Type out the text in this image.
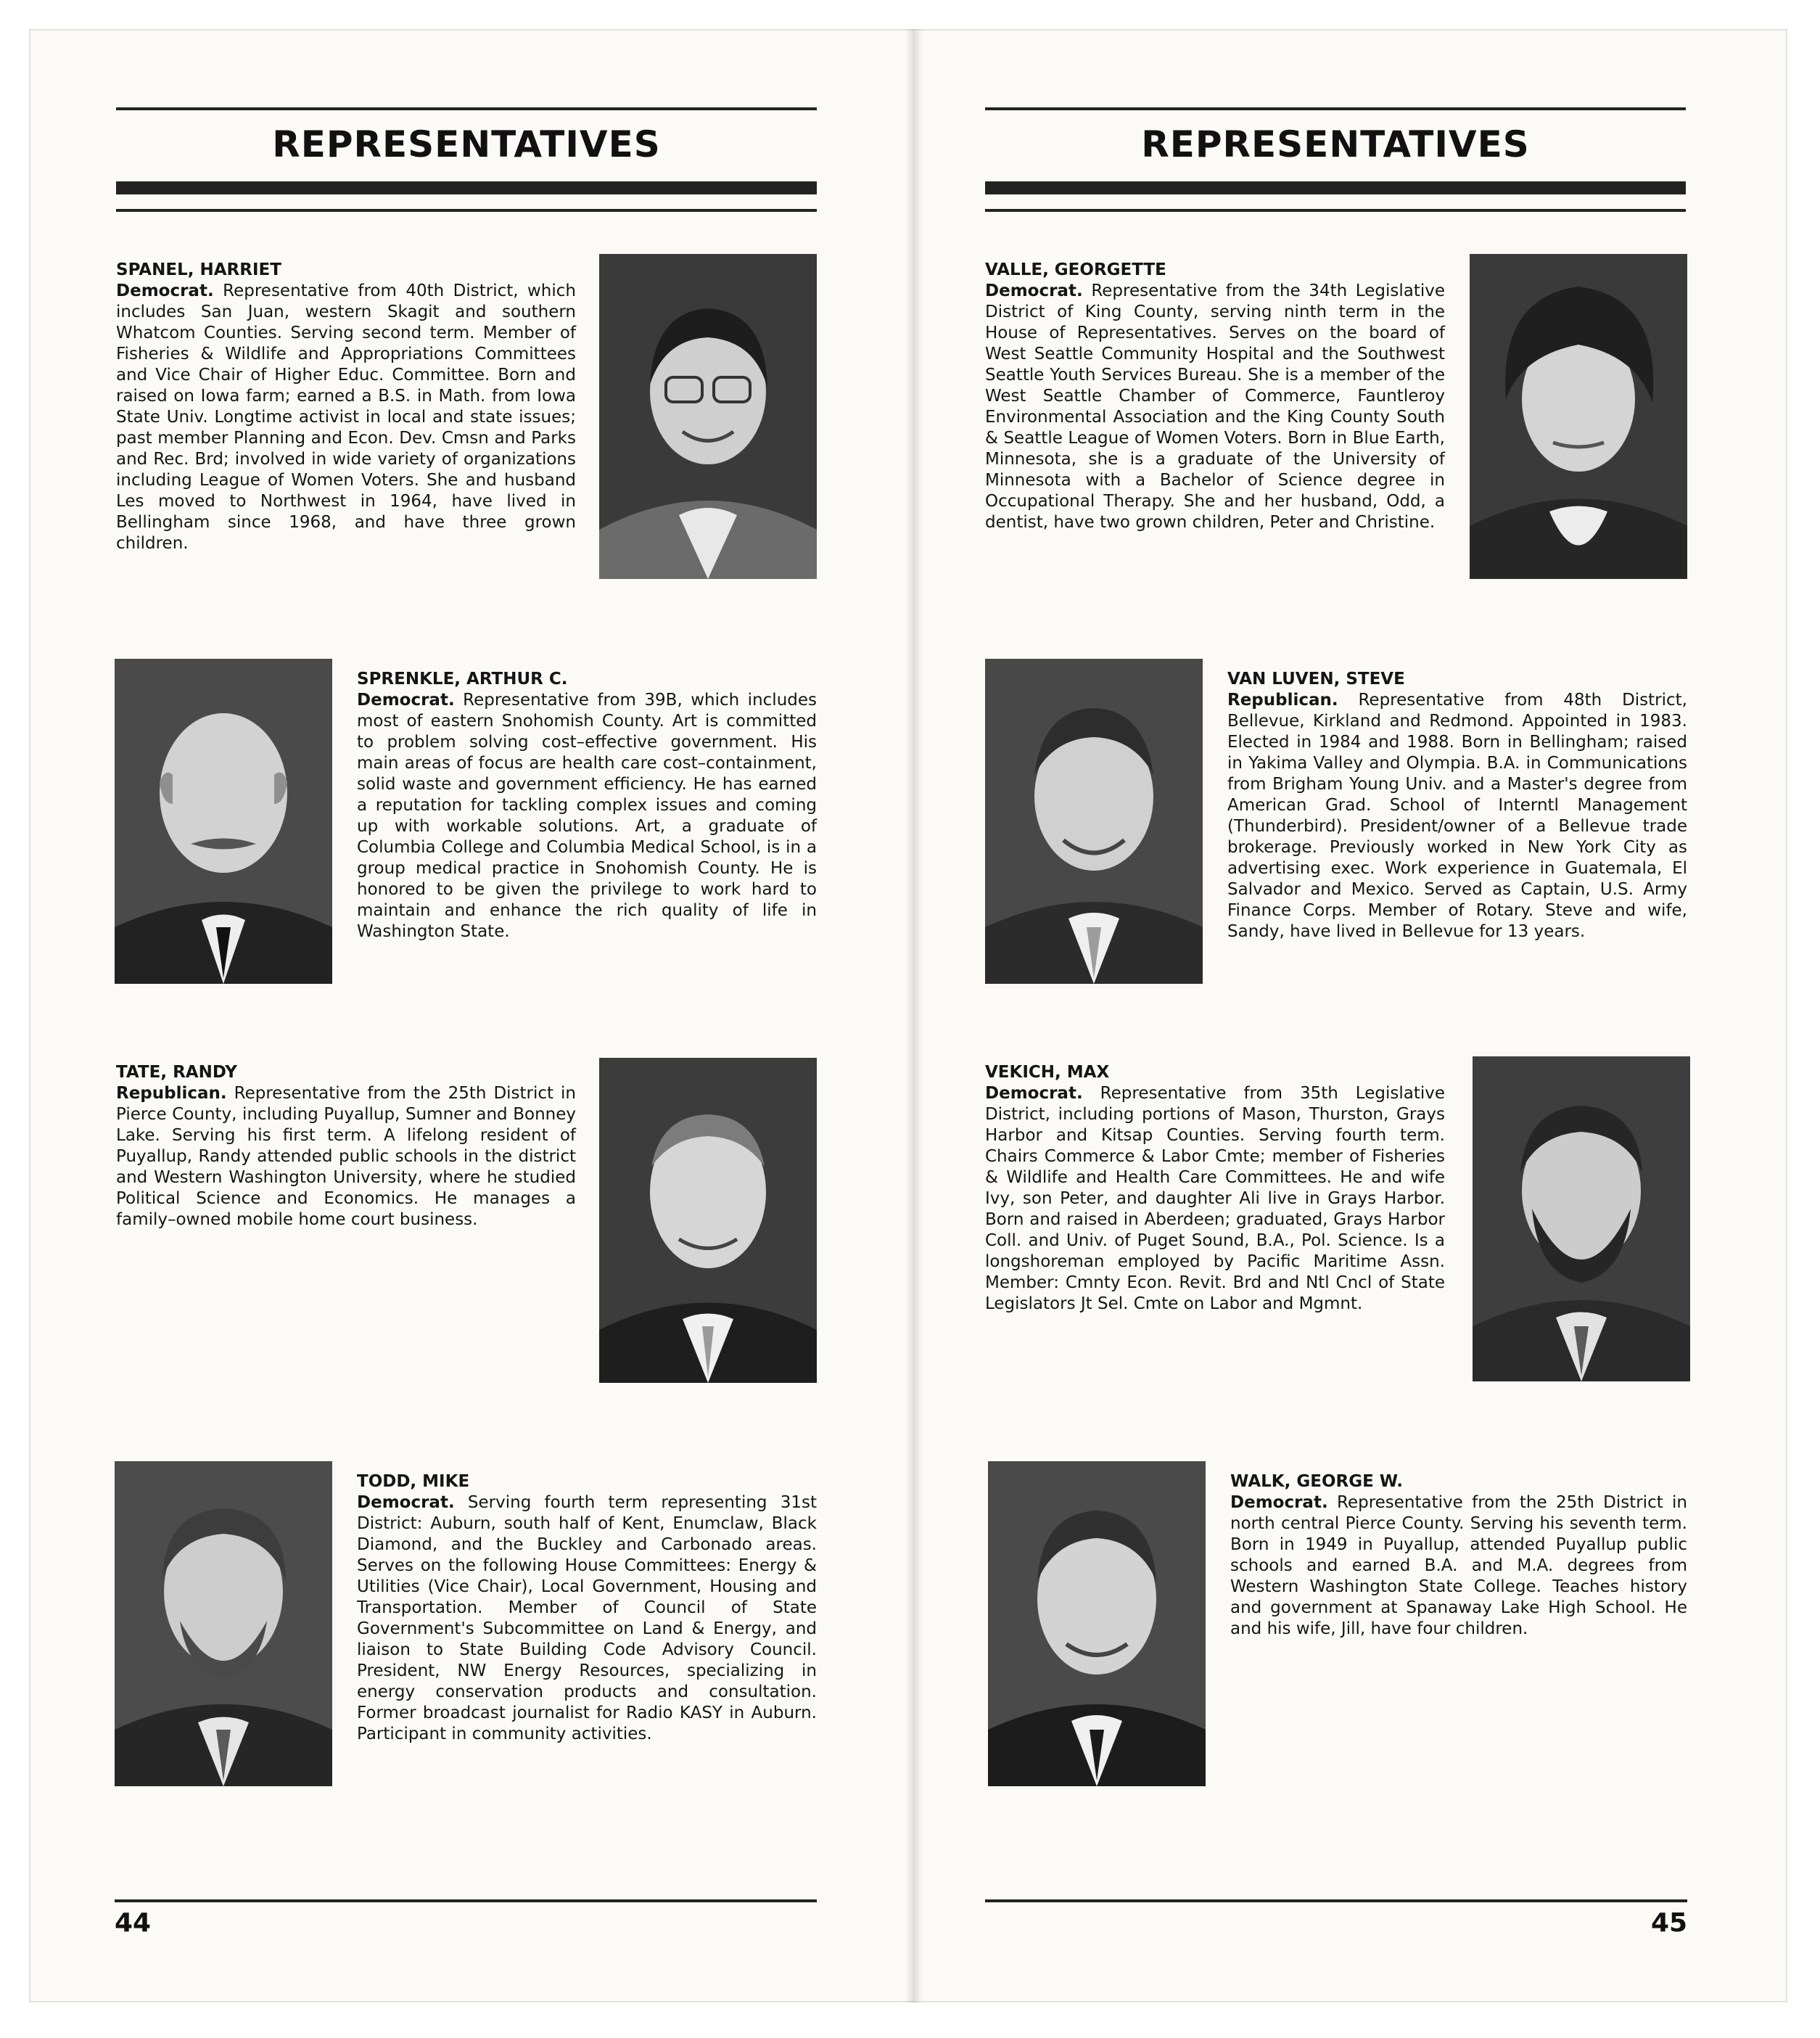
REPRESENTATIVES
SPANEL, HARRIET
Democrat. Representative from 40th District, which includes San Juan, western Skagit and southern Whatcom Counties. Serving second term. Member of Fisheries & Wildlife and Appropriations Committees and Vice Chair of Higher Educ. Committee. Born and raised on Iowa farm; earned a B.S. in Math. from Iowa State Univ. Longtime activist in local and state issues; past member Planning and Econ. Dev. Cmsn and Parks and Rec. Brd; involved in wide variety of organizations including League of Women Voters. She and husband Les moved to Northwest in 1964, have lived in Bellingham since 1968, and have three grown children.
SPRENKLE, ARTHUR C.
Democrat. Representative from 39B, which includes most of eastern Snohomish County. Art is committed to problem solving cost–effective government. His main areas of focus are health care cost–containment, solid waste and government efficiency. He has earned a reputation for tackling complex issues and coming up with workable solutions. Art, a graduate of Columbia College and Columbia Medical School, is in a group medical practice in Snohomish County. He is honored to be given the privilege to work hard to maintain and enhance the rich quality of life in Washington State.
TATE, RANDY
Republican. Representative from the 25th District in Pierce County, including Puyallup, Sumner and Bonney Lake. Serving his first term. A lifelong resident of Puyallup, Randy attended public schools in the district and Western Washington University, where he studied Political Science and Economics. He manages a family–owned mobile home court business.
TODD, MIKE
Democrat. Serving fourth term representing 31st District: Auburn, south half of Kent, Enumclaw, Black Diamond, and the Buckley and Carbonado areas. Serves on the following House Committees: Energy & Utilities (Vice Chair), Local Government, Housing and Transportation. Member of Council of State Government's Subcommittee on Land & Energy, and liaison to State Building Code Advisory Council. President, NW Energy Resources, specializing in energy conservation products and consultation. Former broadcast journalist for Radio KASY in Auburn. Participant in community activities.
44
REPRESENTATIVES
VALLE, GEORGETTE
Democrat. Representative from the 34th Legislative District of King County, serving ninth term in the House of Representatives. Serves on the board of West Seattle Community Hospital and the Southwest Seattle Youth Services Bureau. She is a member of the West Seattle Chamber of Commerce, Fauntleroy Environmental Association and the King County South & Seattle League of Women Voters. Born in Blue Earth, Minnesota, she is a graduate of the University of Minnesota with a Bachelor of Science degree in Occupational Therapy. She and her husband, Odd, a dentist, have two grown children, Peter and Christine.
VAN LUVEN, STEVE
Republican. Representative from 48th District, Bellevue, Kirkland and Redmond. Appointed in 1983. Elected in 1984 and 1988. Born in Bellingham; raised in Yakima Valley and Olympia. B.A. in Communications from Brigham Young Univ. and a Master's degree from American Grad. School of Interntl Management (Thunderbird). President/owner of a Bellevue trade brokerage. Previously worked in New York City as advertising exec. Work experience in Guatemala, El Salvador and Mexico. Served as Captain, U.S. Army Finance Corps. Member of Rotary. Steve and wife, Sandy, have lived in Bellevue for 13 years.
VEKICH, MAX
Democrat. Representative from 35th Legislative District, including portions of Mason, Thurston, Grays Harbor and Kitsap Counties. Serving fourth term. Chairs Commerce & Labor Cmte; member of Fisheries & Wildlife and Health Care Committees. He and wife Ivy, son Peter, and daughter Ali live in Grays Harbor. Born and raised in Aberdeen; graduated, Grays Harbor Coll. and Univ. of Puget Sound, B.A., Pol. Science. Is a longshoreman employed by Pacific Maritime Assn. Member: Cmnty Econ. Revit. Brd and Ntl Cncl of State Legislators Jt Sel. Cmte on Labor and Mgmnt.
WALK, GEORGE W.
Democrat. Representative from the 25th District in north central Pierce County. Serving his seventh term. Born in 1949 in Puyallup, attended Puyallup public schools and earned B.A. and M.A. degrees from Western Washington State College. Teaches history and government at Spanaway Lake High School. He and his wife, Jill, have four children.
45
